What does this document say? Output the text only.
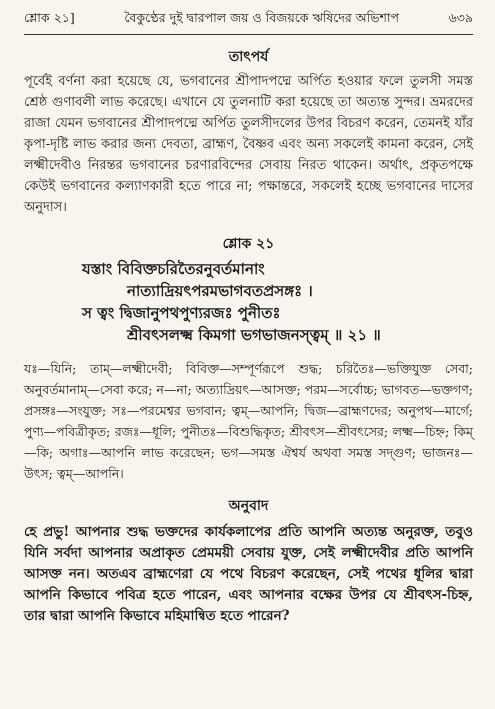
শ্লোক ২১]	বৈকুণ্ঠের দুই দ্বারপাল জয় ও বিজয়কে ঋষিদের অভিশাপ	৬৩৯
তাৎপর্য

পূর্বেই বর্ণনা করা হয়েছে যে, ভগবানের শ্রীপাদপদ্মে অর্পিত হওয়ার ফলে তুলসী সমস্ত শ্রেষ্ঠ গুণাবলী লাভ করেছে। এখানে যে তুলনাটি করা হয়েছে তা অত্যন্ত সুন্দর। ভ্রমরদের রাজা যেমন ভগবানের শ্রীপাদপদ্মে অর্পিত তুলসীদলের উপর বিচরণ করেন, তেমনই যাঁর কৃপা-দৃষ্টি লাভ করার জন্য দেবতা, ব্রাহ্মণ, বৈষ্ণব এবং অন্য সকলেই কামনা করেন, সেই লক্ষ্মীদেবীও নিরন্তর ভগবানের চরণারবিন্দের সেবায় নিরত থাকেন। অর্থাৎ, প্রকৃতপক্ষে কেউই ভগবানের কল্যাণকারী হতে পারে না; পক্ষান্তরে, সকলেই হচ্ছে ভগবানের দাসের অনুদাস।

শ্লোক ২১
যস্তাং বিবিক্তচরিতৈরনুবর্তমানাং
নাত্যাদ্রিয়ৎপরমভাগবতপ্রসঙ্গঃ ।
স ত্বং দ্বিজানুপথপুণ্যরজঃ পুনীতঃ
শ্রীবৎসলক্ষ্ম কিমগা ভগভাজনস্ত্বম্ ॥ ২১ ॥

যঃ—যিনি; তাম্—লক্ষ্মীদেবী; বিবিক্ত—সম্পূর্ণরূপে শুদ্ধ; চরিতৈঃ—ভক্তিযুক্ত সেবা; অনুবর্তমানাম্—সেবা করে; ন—না; অত্যাদ্রিয়ৎ—আসক্ত; পরম—সর্বোচ্চ; ভাগবত—ভক্তগণ; প্রসঙ্গঃ—সংযুক্ত; সঃ—পরমেশ্বর ভগবান; ত্বম্—আপনি; দ্বিজ—ব্রাহ্মণদের; অনুপথ—মার্গে; পুণ্য—পবিত্রীকৃত; রজঃ—ধূলি; পুনীতঃ—বিশুদ্ধিকৃত; শ্রীবৎস—শ্রীবৎসের; লক্ষ্ম—চিহ্ন; কিম্—কি; অগাঃ—আপনি লাভ করেছেন; ভগ—সমস্ত ঐশ্বর্য অথবা সমস্ত সদ্গুণ; ভাজনঃ—উৎস; ত্বম্—আপনি।

অনুবাদ

হে প্রভু! আপনার শুদ্ধ ভক্তদের কার্যকলাপের প্রতি আপনি অত্যন্ত অনুরক্ত, তবুও যিনি সর্বদা আপনার অপ্রাকৃত প্রেমময়ী সেবায় যুক্ত, সেই লক্ষ্মীদেবীর প্রতি আপনি আসক্ত নন। অতএব ব্রাহ্মণেরা যে পথে বিচরণ করেছেন, সেই পথের ধূলির দ্বারা আপনি কিভাবে পবিত্র হতে পারেন, এবং আপনার বক্ষের উপর যে শ্রীবৎস-চিহ্ন, তার দ্বারা আপনি কিভাবে মহিমান্বিত হতে পারেন?
